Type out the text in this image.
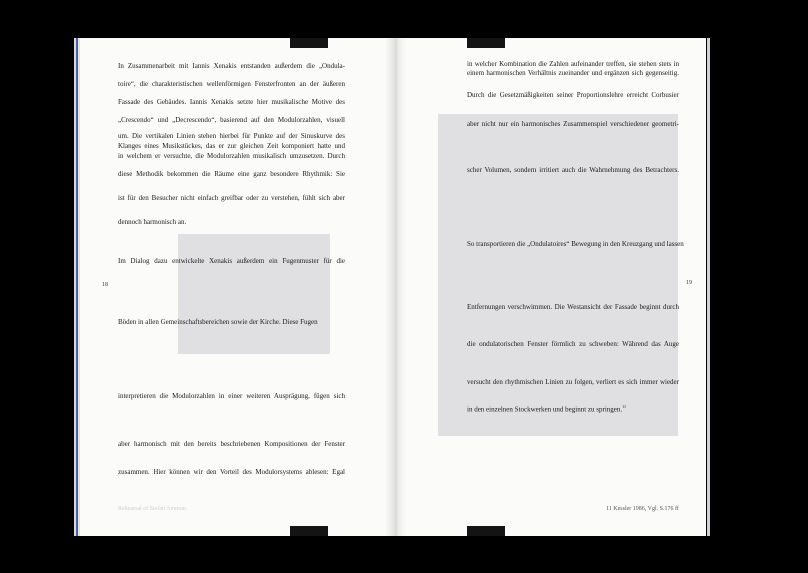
In Zusammenarbeit mit Iannis Xenakis entstanden außerdem die „Ondula-
toire“, die charakteristischen wellenförmigen Fensterfronten an der äußeren
Fassade des Gebäudes. Iannis Xenakis setzte hier musikalische Motive des
„Crescendo“ und „Decrescendo“, basierend auf den Modulorzahlen, visuell
um. Die vertikalen Linien stehen hierbei für Punkte auf der Sinuskurve des
Klanges eines Musikstückes, das er zur gleichen Zeit komponiert hatte und
in welchem er versuchte, die Modulorzahlen musikalisch umzusetzen. Durch
diese Methodik bekommen die Räume eine ganz besondere Rhythmik: Sie
ist für den Besucher nicht einfach greifbar oder zu verstehen, fühlt sich aber
dennoch harmonisch an.
Im Dialog dazu entwickelte Xenakis außerdem ein Fugenmuster für die
Böden in allen Gemeinschaftsbereichen sowie der Kirche. Diese Fugen
interpretieren die Modulorzahlen in einer weiteren Ausprägung, fügen sich
aber harmonisch mit den bereits beschriebenen Kompositionen der Fenster
zusammen. Hier können wir den Vorteil des Modulorsystems ablesen: Egal
18
Rehearsal of Stefan Ammon
in welcher Kombination die Zahlen aufeinander treffen, sie stehen stets in
einem harmonischen Verhältnis zueinander und ergänzen sich gegenseitig.
Durch die Gesetzmäßigkeiten seiner Proportionslehre erreicht Corbusier
aber nicht nur ein harmonisches Zusammenspiel verschiedener geometri-
scher Volumen, sondern irritiert auch die Wahrnehmung des Betrachters.
So transportieren die „Ondulatoires“ Bewegung in den Kreuzgang und lassen
Entfernungen verschwimmen. Die Westansicht der Fassade beginnt durch
die ondulatorischen Fenster förmlich zu schweben: Während das Auge
versucht den rhythmischen Linien zu folgen, verliert es sich immer wieder
in den einzelnen Stockwerken und beginnt zu springen.$^{11}$
19
11 Kessler 1986, Vgl. S.176 ff
